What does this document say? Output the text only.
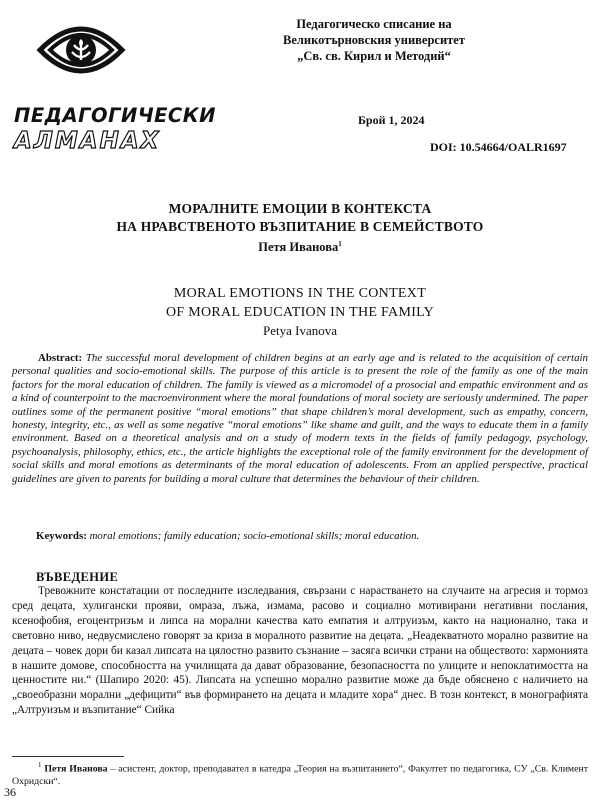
Педагогическо списание на
Великотърновския университет
„Св. св. Кирил и Методий“
ПЕДАГОГИЧЕСКИ
АЛМАНАХ
Брой 1, 2024
DOI: 10.54664/OALR1697
МОРАЛНИТЕ ЕМОЦИИ В КОНТЕКСТА
НА НРАВСТВЕНОТО ВЪЗПИТАНИЕ В СЕМЕЙСТВОТО
Петя Иванова$^1$
MORAL EMOTIONS IN THE CONTEXT
OF MORAL EDUCATION IN THE FAMILY
Petya Ivanova
Abstract: The successful moral development of children begins at an early age and is related to the acquisition of certain personal qualities and socio-emotional skills. The purpose of this article is to present the role of the family as one of the main factors for the moral education of children. The family is viewed as a micromodel of a prosocial and empathic environment and as a kind of counterpoint to the macroenvironment where the moral foundations of moral society are seriously undermined. The paper outlines some of the permanent positive “moral emotions” that shape children’s moral development, such as empathy, concern, honesty, integrity, etc., as well as some negative “moral emotions” like shame and guilt, and the ways to educate them in a family environment. Based on a theoretical analysis and on a study of modern texts in the fields of family pedagogy, psychology, psychoanalysis, philosophy, ethics, etc., the article highlights the exceptional role of the family environment for the development of social skills and moral emotions as determinants of the moral education of adolescents. From an applied perspective, practical guidelines are given to parents for building a moral culture that determines the behaviour of their children.
Keywords: moral emotions; family education; socio-emotional skills; moral education.
ВЪВЕДЕНИЕ
Тревожните констатации от последните изследвания, свързани с нарастването на случаите на агресия и тормоз сред децата, хулигански прояви, омраза, лъжа, измама, расово и социално мотивирани негативни послания, ксенофобия, егоцентризъм и липса на морални качества като емпатия и алтруизъм, както на национално, така и световно ниво, недвусмислено говорят за криза в моралното развитие на децата. „Неадекватното морално развитие на децата – човек дори би казал липсата на цялостно развито съзнание – засяга всички страни на обществото: хармонията в нашите домове, способността на училищата да дават образование, безопасността по улиците и непоклатимостта на ценностите ни.“ (Шапиро 2020: 45). Липсата на успешно морално развитие може да бъде обяснено с наличието на „своеобразни морални „дефицити“ във формирането на децата и младите хора“ днес. В тозн контекст, в монографията „Алтруизъм и възпитание“ Сийка
$^1$ Петя Иванова – асистент, доктор, преподавател в катедра „Теория на възпитанието“, Факултет по педагогика, СУ „Св. Климент Охридски“.
36
